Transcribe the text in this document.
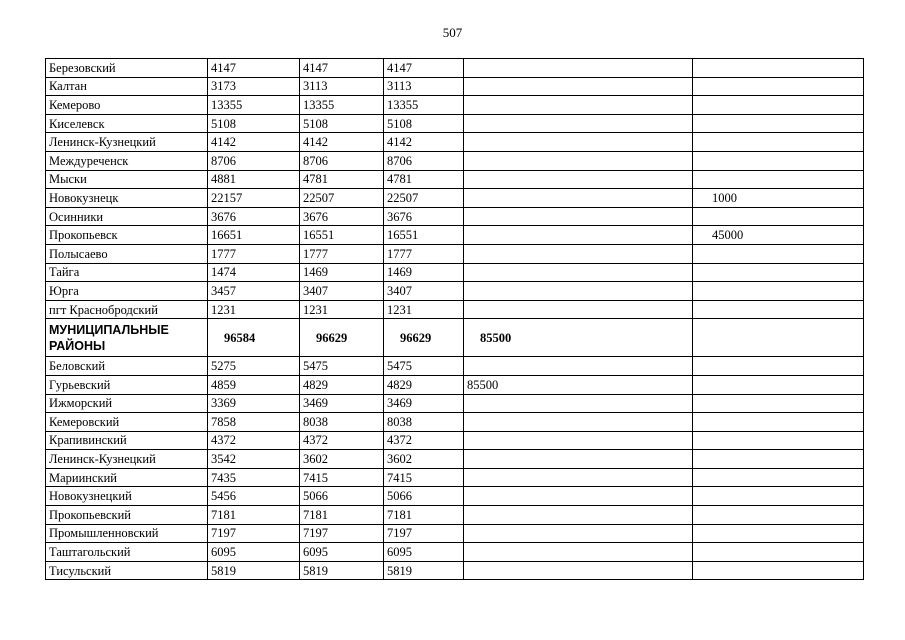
507
Березовский	4147	4147	4147		
Калтан	3173	3113	3113		
Кемерово	13355	13355	13355		
Киселевск	5108	5108	5108		
Ленинск-Кузнецкий	4142	4142	4142		
Междуреченск	8706	8706	8706		
Мыски	4881	4781	4781		
Новокузнецк	22157	22507	22507		1000
Осинники	3676	3676	3676		
Прокопьевск	16651	16551	16551		45000
Полысаево	1777	1777	1777		
Тайга	1474	1469	1469		
Юрга	3457	3407	3407		
пгт Краснобродский	1231	1231	1231		
МУНИЦИПАЛЬНЫЕ РАЙОНЫ	96584	96629	96629	85500	
Беловский	5275	5475	5475		
Гурьевский	4859	4829	4829	85500	
Ижморский	3369	3469	3469		
Кемеровский	7858	8038	8038		
Крапивинский	4372	4372	4372		
Ленинск-Кузнецкий	3542	3602	3602		
Мариинский	7435	7415	7415		
Новокузнецкий	5456	5066	5066		
Прокопьевский	7181	7181	7181		
Промышленновский	7197	7197	7197		
Таштагольский	6095	6095	6095		
Тисульский	5819	5819	5819		
